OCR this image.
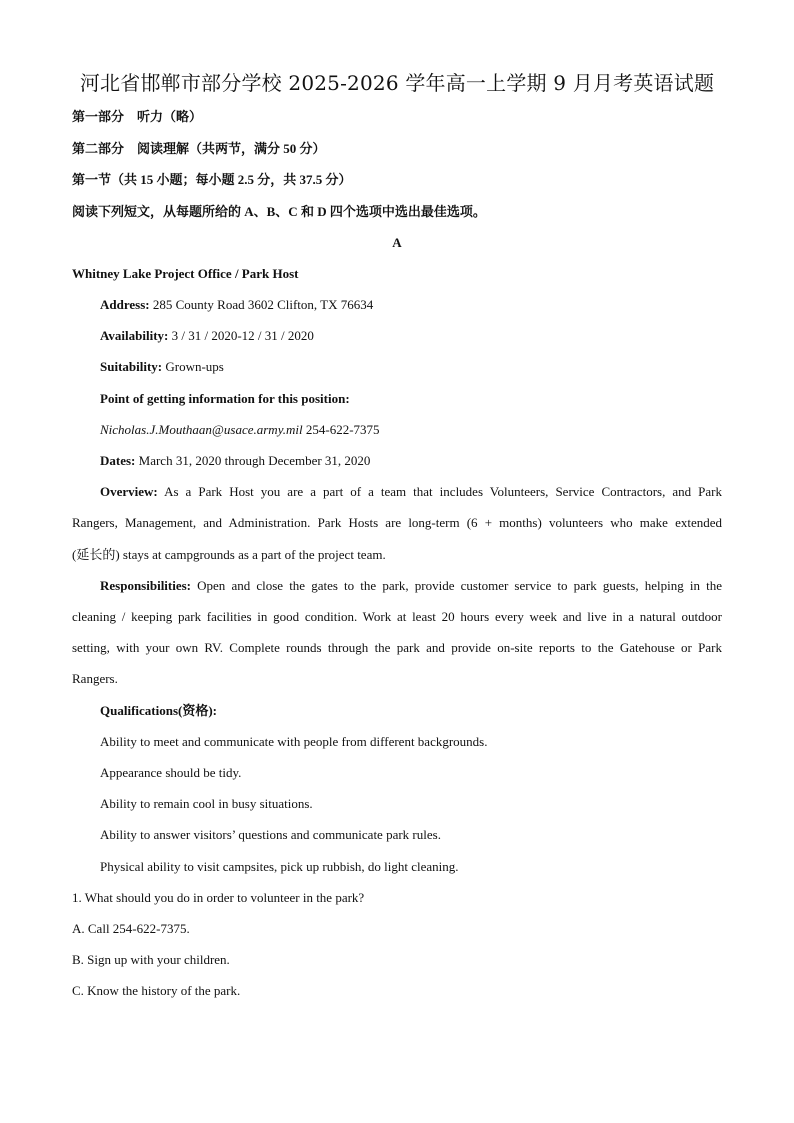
河北省邯郸市部分学校 2025-2026 学年高一上学期 9 月月考英语试题
第一部分　听力（略）
第二部分　阅读理解（共两节，满分 50 分）
第一节（共 15 小题；每小题 2.5 分，共 37.5 分）
阅读下列短文，从每题所给的 A、B、C 和 D 四个选项中选出最佳选项。
A
Whitney Lake Project Office / Park Host
Address: 285 County Road 3602 Clifton, TX 76634
Availability: 3 / 31 / 2020-12 / 31 / 2020
Suitability: Grown-ups
Point of getting information for this position:
Nicholas.J.Mouthaan@usace.army.mil 254-622-7375
Dates: March 31, 2020 through December 31, 2020
Overview: As a Park Host you are a part of a team that includes Volunteers, Service Contractors, and Park
Rangers, Management, and Administration. Park Hosts are long-term (6 + months) volunteers who make extended
(延长的) stays at campgrounds as a part of the project team.
Responsibilities: Open and close the gates to the park, provide customer service to park guests, helping in the
cleaning / keeping park facilities in good condition. Work at least 20 hours every week and live in a natural outdoor
setting, with your own RV. Complete rounds through the park and provide on-site reports to the Gatehouse or Park
Rangers.
Qualifications(资格):
Ability to meet and communicate with people from different backgrounds.
Appearance should be tidy.
Ability to remain cool in busy situations.
Ability to answer visitors’ questions and communicate park rules.
Physical ability to visit campsites, pick up rubbish, do light cleaning.
1. What should you do in order to volunteer in the park?
A. Call 254-622-7375.
B. Sign up with your children.
C. Know the history of the park.
